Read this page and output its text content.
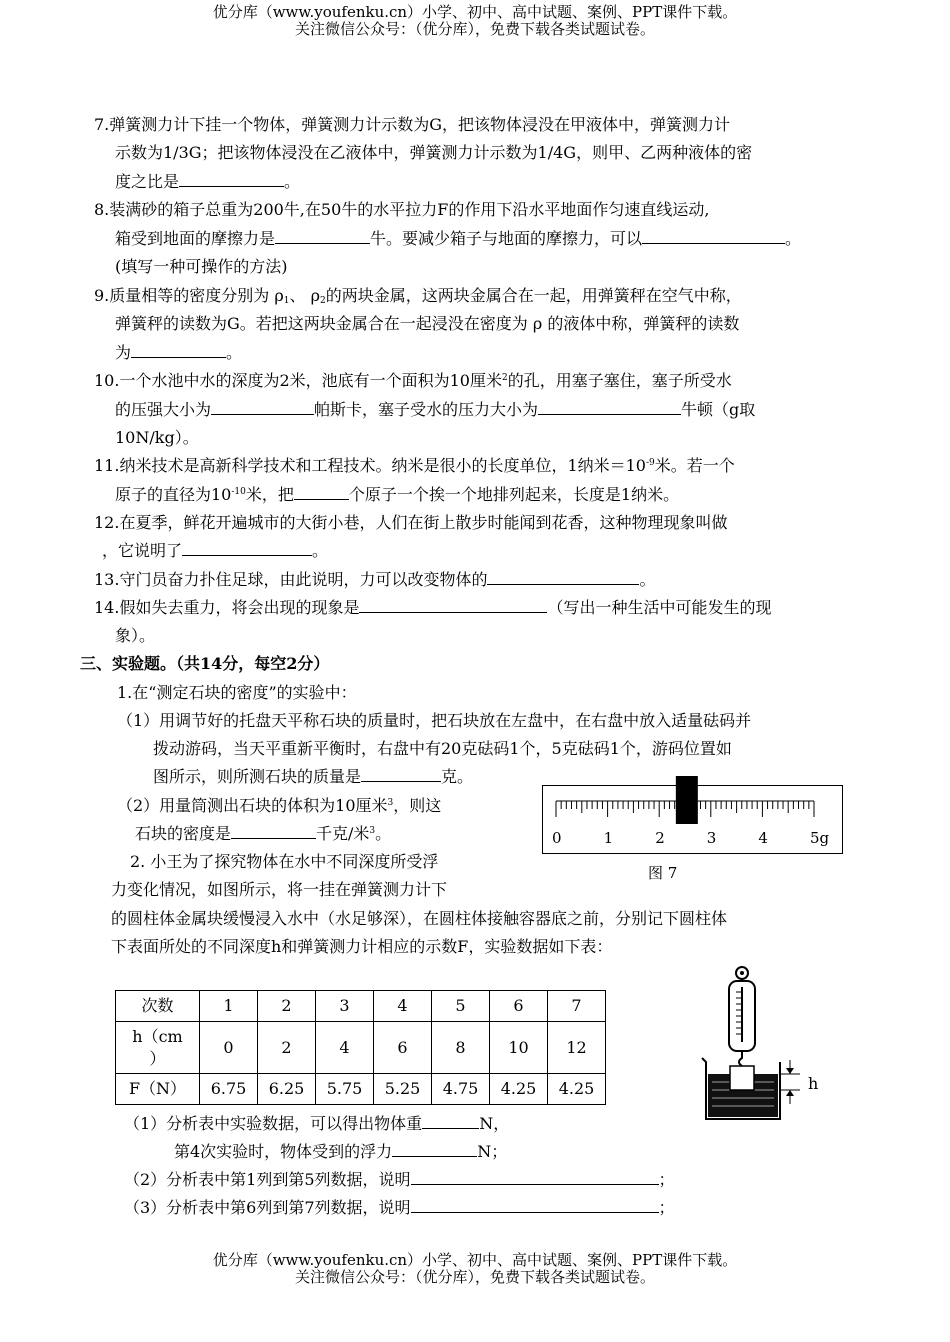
优分库（www.youfenku.cn）小学、初中、高中试题、案例、PPT课件下载。
关注微信公众号：（优分库），免费下载各类试题试卷。
7.弹簧测力计下挂一个物体，弹簧测力计示数为G，把该物体浸没在甲液体中，弹簧测力计
示数为1/3G；把该物体浸没在乙液体中，弹簧测力计示数为1/4G，则甲、乙两种液体的密
度之比是	。
8.装满砂的箱子总重为200牛,在50牛的水平拉力F的作用下沿水平地面作匀速直线运动,
箱受到地面的摩擦力是	牛。要减少箱子与地面的摩擦力，可以	。
(填写一种可操作的方法)
9.质量相等的密度分别为 $\rho_1$、 $\rho_2$的两块金属，这两块金属合在一起，用弹簧秤在空气中称，
弹簧秤的读数为G。若把这两块金属合在一起浸没在密度为 ρ 的液体中称，弹簧秤的读数
为	。
10.一个水池中水的深度为2米，池底有一个面积为10厘米$^2$的孔，用塞子塞住，塞子所受水
的压强大小为	帕斯卡，塞子受水的压力大小为	牛顿（g取
10N/kg）。
11.纳米技术是高新科学技术和工程技术。纳米是很小的长度单位，1纳米$=10^{-9}$米。若一个
原子的直径为$10^{-10}$米，把	个原子一个挨一个地排列起来，长度是1纳米。
12.在夏季，鲜花开遍城市的大街小巷，人们在街上散步时能闻到花香，这种物理现象叫做
，它说明了	。
13.守门员奋力扑住足球，由此说明，力可以改变物体的	。
14.假如失去重力，将会出现的现象是	（写出一种生活中可能发生的现
象）。
三、实验题。（共14分，每空2分）
1.在“测定石块的密度”的实验中：
（1）用调节好的托盘天平称石块的质量时，把石块放在左盘中，在右盘中放入适量砝码并
拨动游码，当天平重新平衡时，右盘中有20克砝码1个，5克砝码1个，游码位置如
图所示，则所测石块的质量是	克。
（2）用量筒测出石块的体积为10厘米$^3$，则这
石块的密度是	千克/米$^3$。	0	1	2	3	4	5g
图 7
2. 小王为了探究物体在水中不同深度所受浮
力变化情况，如图所示，将一挂在弹簧测力计下
的圆柱体金属块缓慢浸入水中（水足够深），在圆柱体接触容器底之前，分别记下圆柱体
下表面所处的不同深度h和弹簧测力计相应的示数F，实验数据如下表：
次数	1	2	3	4	5	6	7
h（cm
）	0	2	4	6	8	10	12
F（N）	6.75	6.25	5.75	5.25	4.75	4.25	4.25	h
（1）分析表中实验数据，可以得出物体重	N，
第4次实验时，物体受到的浮力	N；
（2）分析表中第1列到第5列数据，说明	；
（3）分析表中第6列到第7列数据，说明	；
优分库（www.youfenku.cn）小学、初中、高中试题、案例、PPT课件下载。
关注微信公众号：（优分库），免费下载各类试题试卷。
